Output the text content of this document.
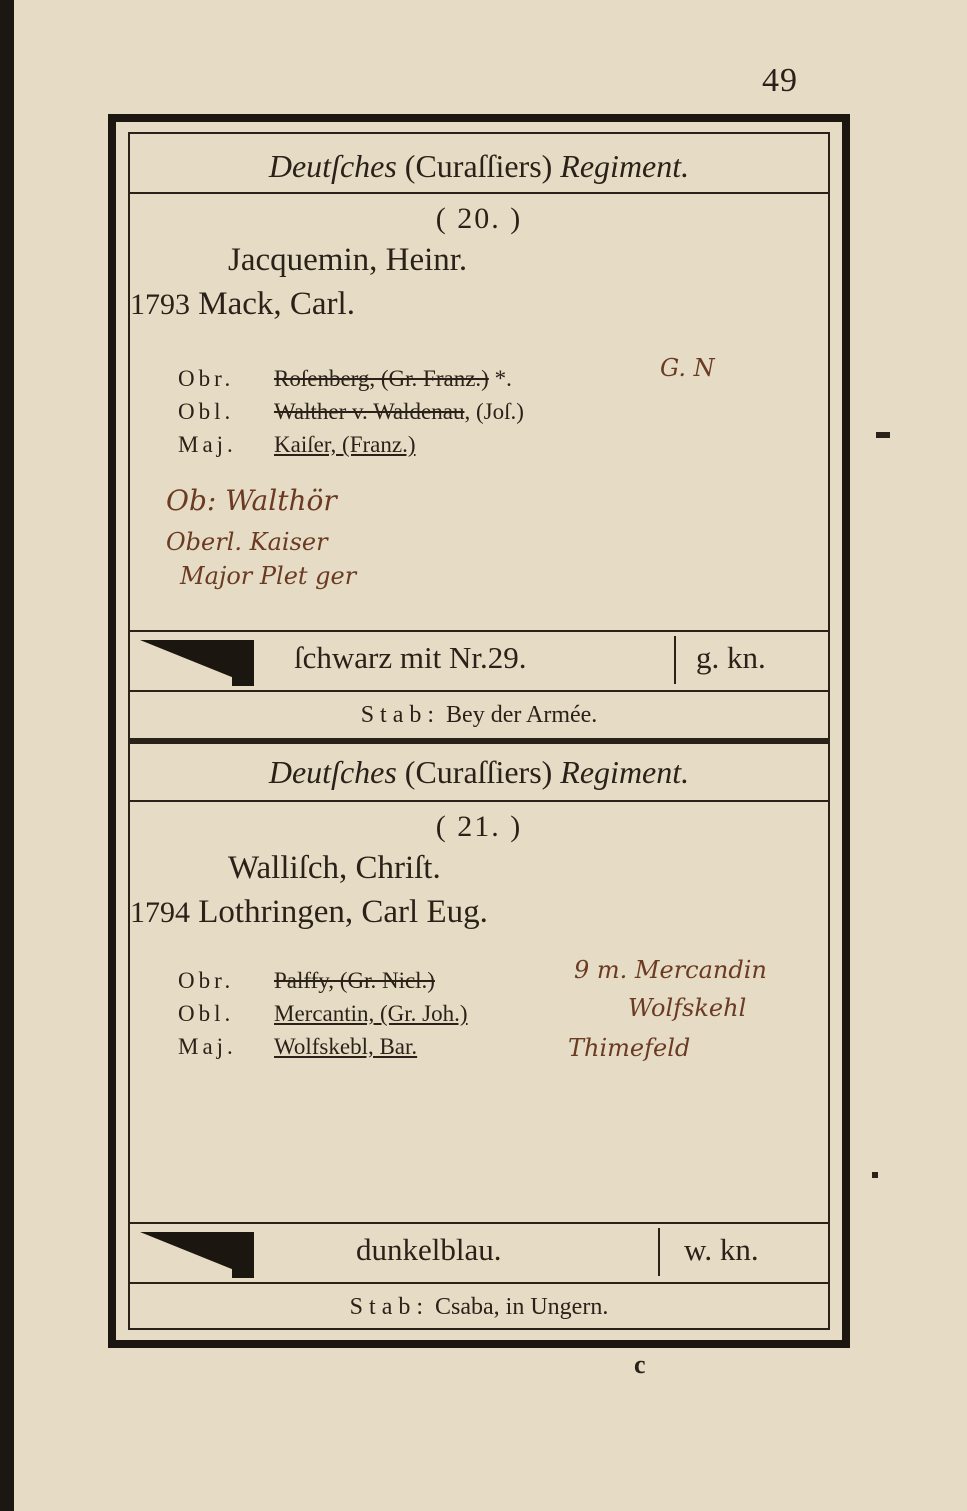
49
Deutſches (Curaſſiers) Regiment.
( 20. )
Jacquemin, Heinr.
1793 Mack, Carl.
Obr. Roſenberg, (Gr. Franz.) *.
Obl. Walther v. Waldenau, (Joſ.)
Maj. Kaiſer, (Franz.)
G. N
Ob: Walthör
Oberl. Kaiser
Major Plet ger
ſchwarz mit Nr.29.	g. kn.
Stab: Bey der Armée.
Deutſches (Curaſſiers) Regiment.
( 21. )
Walliſch, Chriſt.
1794 Lothringen, Carl Eug.
Obr. Palffy, (Gr. Nicl.)
Obl. Mercantin, (Gr. Joh.)
Maj. Wolfskebl, Bar.
9 m. Mercandin
Wolfskehl
Thimefeld
dunkelblau.	w. kn.
Stab: Csaba, in Ungern.
c
